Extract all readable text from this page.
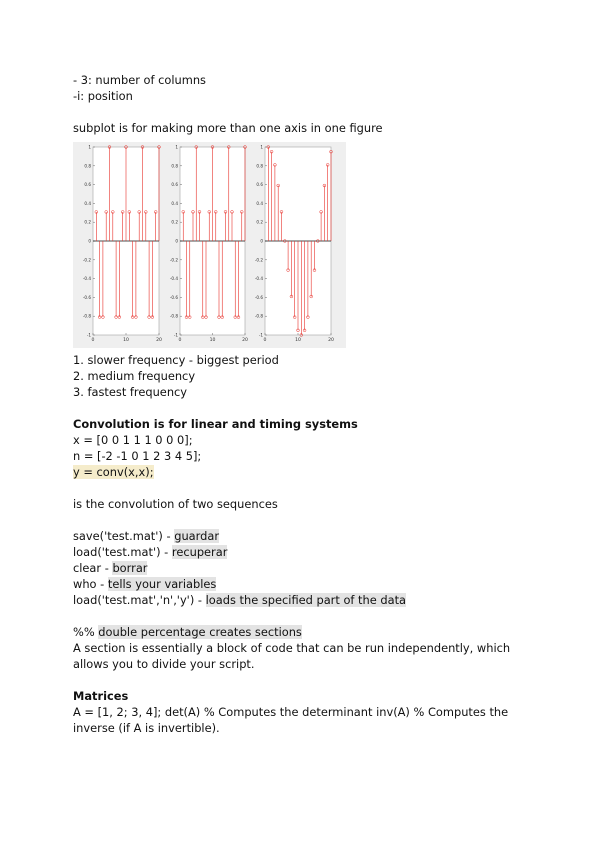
- 3: number of columns
-i: position
subplot is for making more than one axis in one figure
1
0.8
0.6
0.4
0.2
0
-0.2
-0.4
-0.6
-0.8
-1
0	10	20
1
0.8
0.6
0.4
0.2
0
-0.2
-0.4
-0.6
-0.8
-1
0	10	20
1
0.8
0.6
0.4
0.2
0
-0.2
-0.4
-0.6
-0.8
-1
0	10	20
1. slower frequency - biggest period
2. medium frequency
3. fastest frequency
Convolution is for linear and timing systems
x = [0 0 1 1 1 0 0 0];
n = [-2 -1 0 1 2 3 4 5];
y = conv(x,x);
is the convolution of two sequences
save('test.mat') - guardar
load('test.mat') - recuperar
clear - borrar
who - tells your variables
load('test.mat','n','y') - loads the specified part of the data
%% double percentage creates sections
A section is essentially a block of code that can be run independently, which allows you to divide your script.
Matrices
A = [1, 2; 3, 4]; det(A) % Computes the determinant inv(A) % Computes the inverse (if A is invertible).
